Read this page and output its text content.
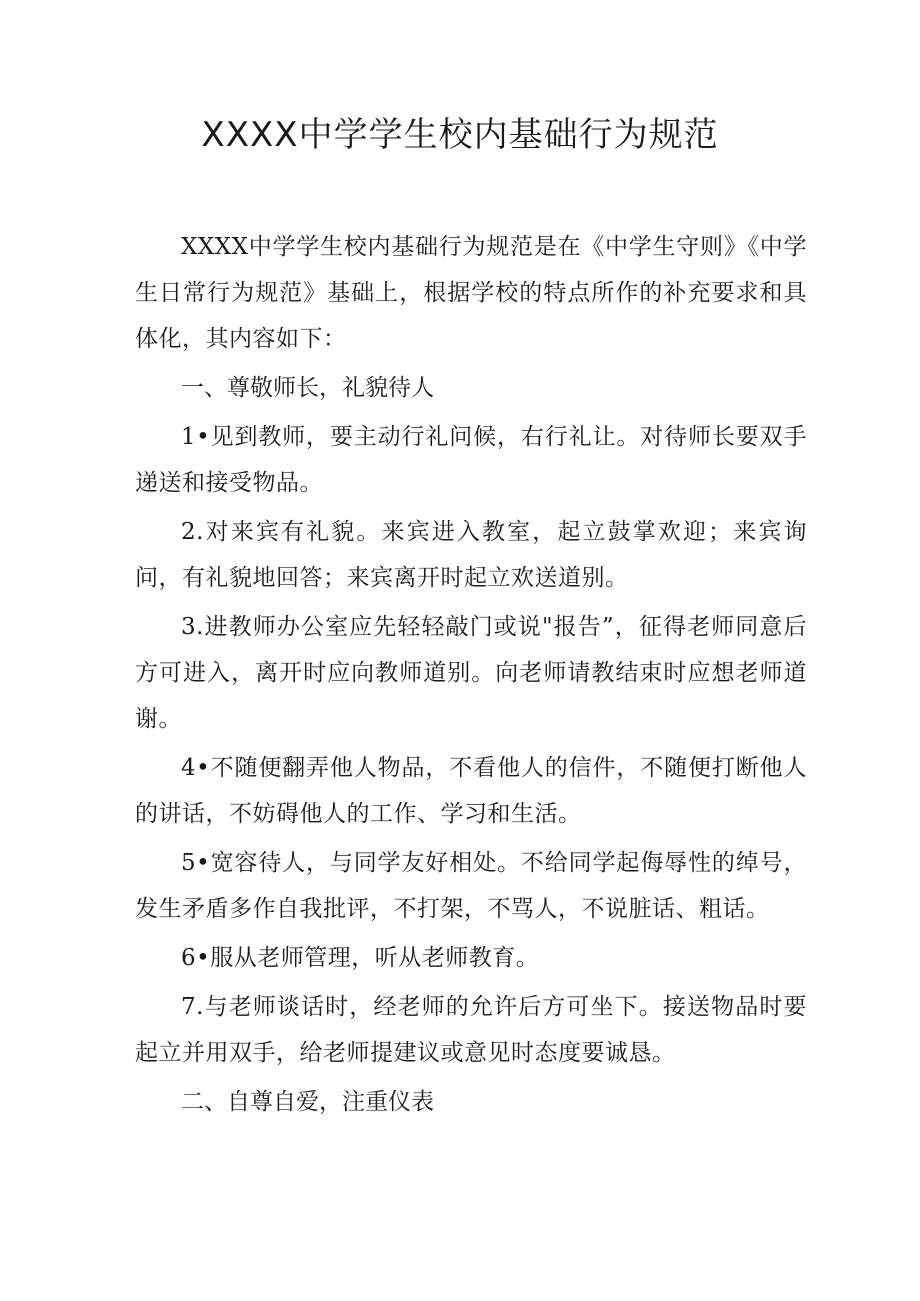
XXXX中学学生校内基础行为规范

XXXX中学学生校内基础行为规范是在《中学生守则》《中学生日常行为规范》基础上，根据学校的特点所作的补充要求和具体化，其内容如下：

一、尊敬师长，礼貌待人

1•见到教师，要主动行礼问候，右行礼让。对待师长要双手递送和接受物品。

2.对来宾有礼貌。来宾进入教室，起立鼓掌欢迎；来宾询问，有礼貌地回答；来宾离开时起立欢送道别。

3.进教师办公室应先轻轻敲门或说"报告”，征得老师同意后方可进入，离开时应向教师道别。向老师请教结束时应想老师道谢。

4•不随便翻弄他人物品，不看他人的信件，不随便打断他人的讲话，不妨碍他人的工作、学习和生活。

5•宽容待人，与同学友好相处。不给同学起侮辱性的绰号，发生矛盾多作自我批评，不打架，不骂人，不说脏话、粗话。

6•服从老师管理，听从老师教育。

7.与老师谈话时，经老师的允许后方可坐下。接送物品时要起立并用双手，给老师提建议或意见时态度要诚恳。

二、自尊自爱，注重仪表
